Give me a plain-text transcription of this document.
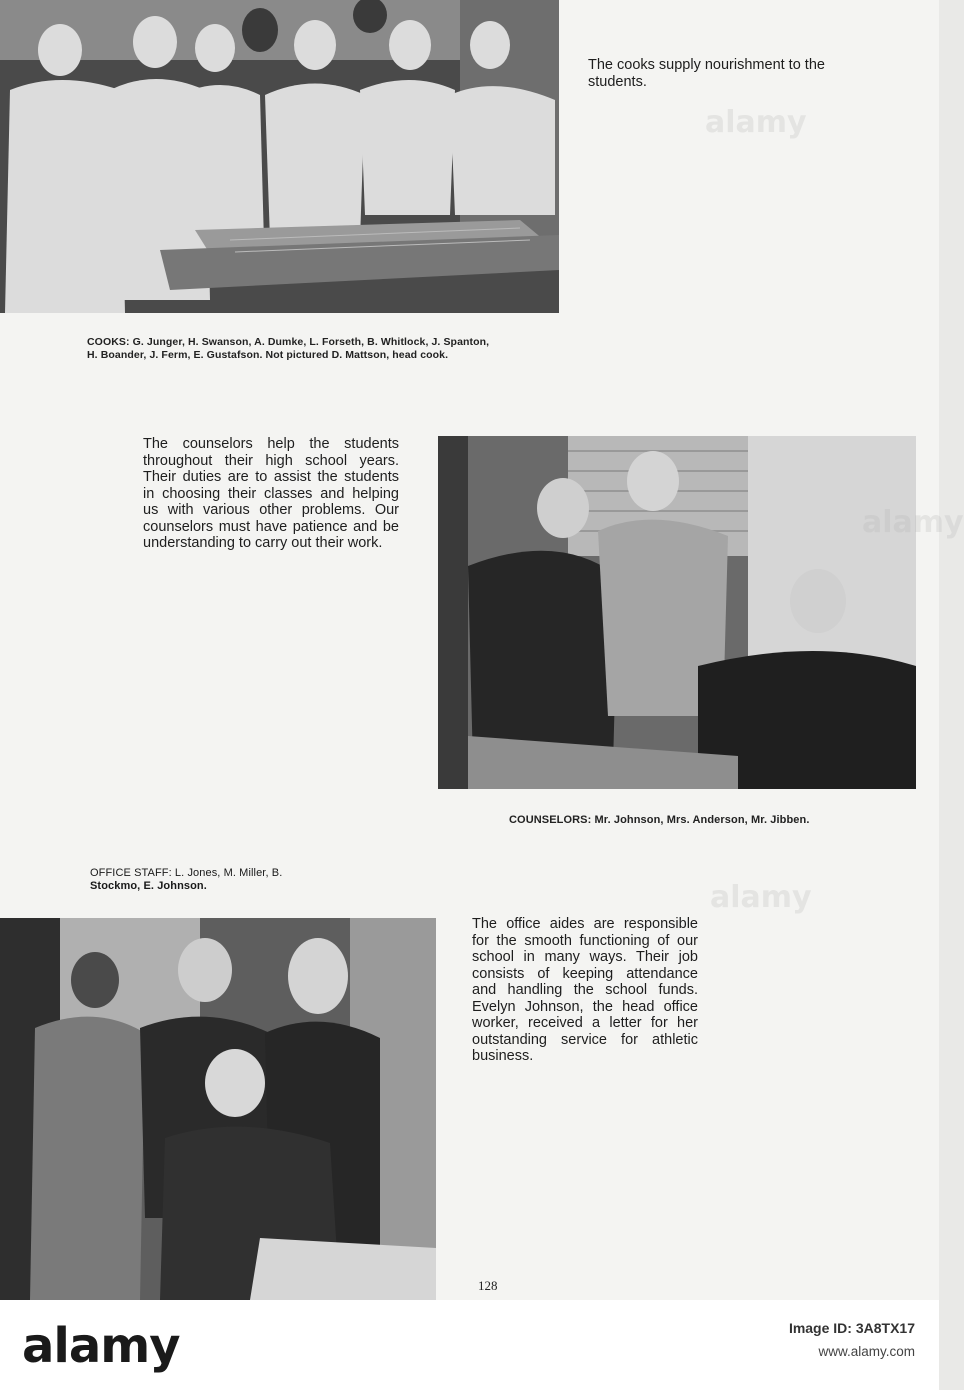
The cooks supply nourishment to the students.
COOKS: G. Junger, H. Swanson, A. Dumke, L. Forseth, B. Whitlock, J. Spanton,
H. Boander, J. Ferm, E. Gustafson. Not pictured D. Mattson, head cook.
The counselors help the students throughout their high school years. Their duties are to assist the students in choosing their classes and helping us with various other problems. Our counselors must have patience and be understanding to carry out their work.
COUNSELORS: Mr. Johnson, Mrs. Anderson, Mr. Jibben.
OFFICE STAFF: L. Jones, M. Miller, B.
Stockmo, E. Johnson.
The office aides are responsible for the smooth functioning of our school in many ways. Their job consists of keeping attendance and handling the school funds. Evelyn Johnson, the head office worker, received a letter for her outstanding service for athletic business.
128
alamy
alamy
alamy
alamy	Image ID: 3A8TX17
www.alamy.com
